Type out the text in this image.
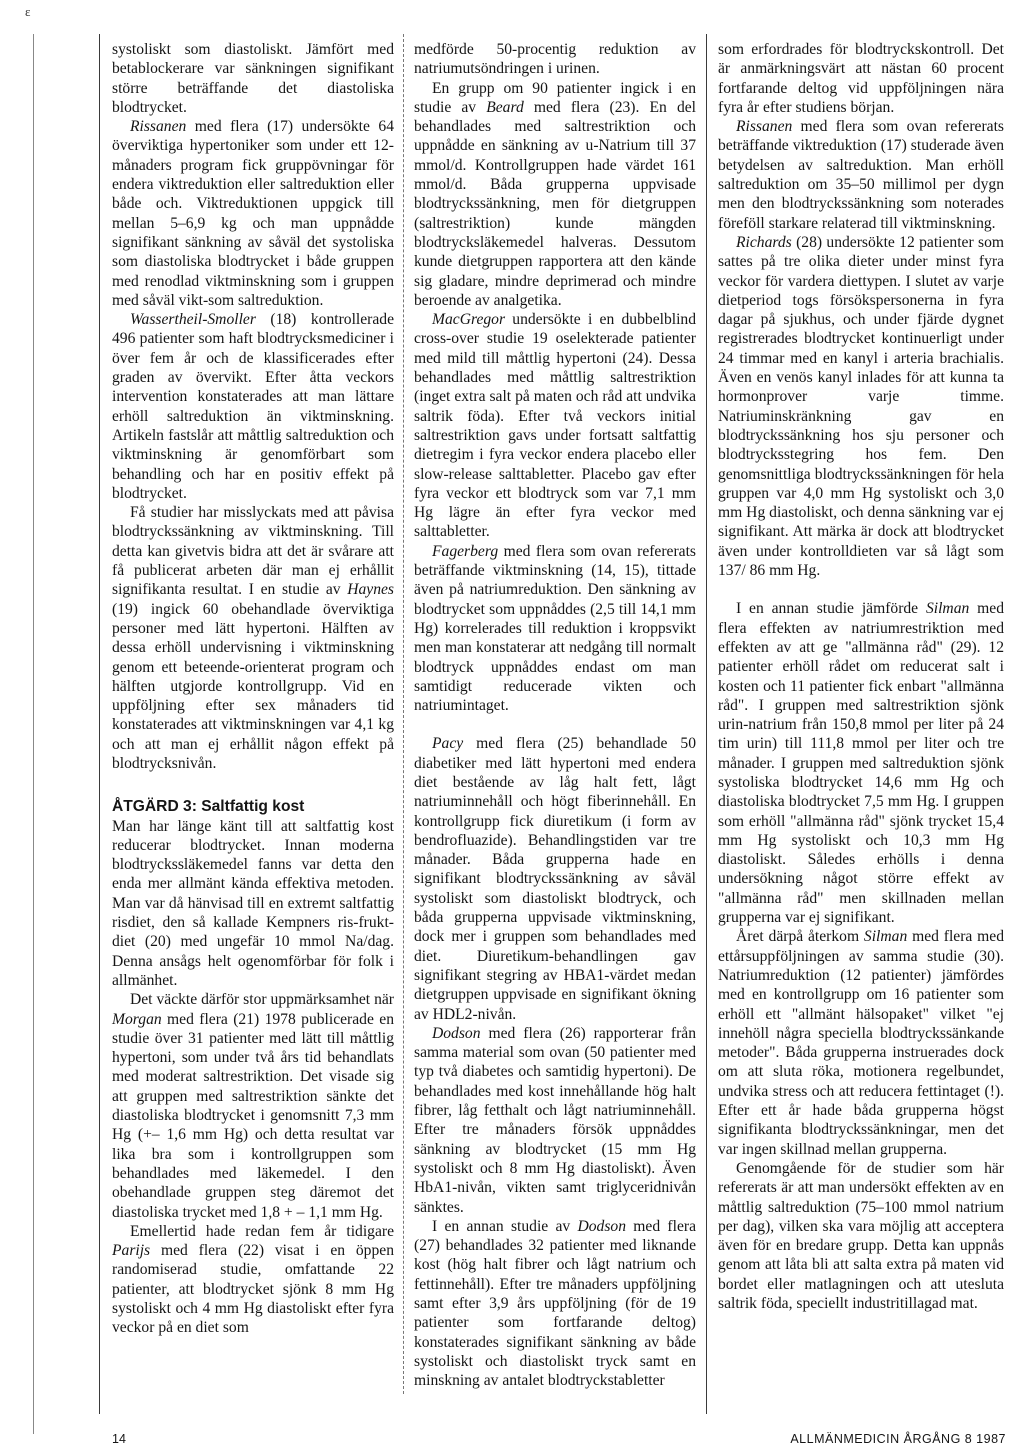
ε

systoliskt som diastoliskt. Jämfört med betablockerare var sänkningen signifikant större beträffande det diastoliska blodtrycket.

Rissanen med flera (17) undersökte 64 överviktiga hypertoniker som under ett 12-månaders program fick gruppövningar för endera viktreduktion eller saltreduktion eller både och. Viktreduktionen uppgick till mellan 5–6,9 kg och man uppnådde signifikant sänkning av såväl det systoliska som diastoliska blodtrycket i både gruppen med renodlad viktminskning som i gruppen med såväl vikt-som saltreduktion.

Wassertheil-Smoller (18) kontrollerade 496 patienter som haft blodtrycksmediciner i över fem år och de klassificerades efter graden av övervikt. Efter åtta veckors intervention konstaterades att man lättare erhöll saltreduktion än viktminskning. Artikeln fastslår att måttlig saltreduktion och viktminskning är genomförbart som behandling och har en positiv effekt på blodtrycket.

Få studier har misslyckats med att påvisa blodtryckssänkning av viktminskning. Till detta kan givetvis bidra att det är svårare att få publicerat arbeten där man ej erhållit signifikanta resultat. I en studie av Haynes (19) ingick 60 obehandlade överviktiga personer med lätt hypertoni. Hälften av dessa erhöll undervisning i viktminskning genom ett beteende-orienterat program och hälften utgjorde kontrollgrupp. Vid en uppföljning efter sex månaders tid konstaterades att viktminskningen var 4,1 kg och att man ej erhållit någon effekt på blodtrycksnivån.

ÅTGÄRD 3: Saltfattig kost

Man har länge känt till att saltfattig kost reducerar blodtrycket. Innan moderna blodtryckssläkemedel fanns var detta den enda mer allmänt kända effektiva metoden. Man var då hänvisad till en extremt saltfattig risdiet, den så kallade Kempners ris-frukt-diet (20) med ungefär 10 mmol Na/dag. Denna ansågs helt ogenomförbar för folk i allmänhet.

Det väckte därför stor uppmärksamhet när Morgan med flera (21) 1978 publicerade en studie över 31 patienter med lätt till måttlig hypertoni, som under två års tid behandlats med moderat saltrestriktion. Det visade sig att gruppen med saltrestriktion sänkte det diastoliska blodtrycket i genomsnitt 7,3 mm Hg (+– 1,6 mm Hg) och detta resultat var lika bra som i kontrollgruppen som behandlades med läkemedel. I den obehandlade gruppen steg däremot det diastoliska trycket med 1,8 + – 1,1 mm Hg.

Emellertid hade redan fem år tidigare Parijs med flera (22) visat i en öppen randomiserad studie, omfattande 22 patienter, att blodtrycket sjönk 8 mm Hg systoliskt och 4 mm Hg diastoliskt efter fyra veckor på en diet som

medförde 50-procentig reduktion av natriumutsöndringen i urinen.

En grupp om 90 patienter ingick i en studie av Beard med flera (23). En del behandlades med saltrestriktion och uppnådde en sänkning av u-Natrium till 37 mmol/d. Kontrollgruppen hade värdet 161 mmol/d. Båda grupperna uppvisade blodtryckssänkning, men för dietgruppen (saltrestriktion) kunde mängden blodtrycksläkemedel halveras. Dessutom kunde dietgruppen rapportera att den kände sig gladare, mindre deprimerad och mindre beroende av analgetika.

MacGregor undersökte i en dubbelblind cross-over studie 19 oselekterade patienter med mild till måttlig hypertoni (24). Dessa behandlades med måttlig saltrestriktion (inget extra salt på maten och råd att undvika saltrik föda). Efter två veckors initial saltrestriktion gavs under fortsatt saltfattig dietregim i fyra veckor endera placebo eller slow-release salttabletter. Placebo gav efter fyra veckor ett blodtryck som var 7,1 mm Hg lägre än efter fyra veckor med salttabletter.

Fagerberg med flera som ovan refererats beträffande viktminskning (14, 15), tittade även på natriumreduktion. Den sänkning av blodtrycket som uppnåddes (2,5 till 14,1 mm Hg) korrelerades till reduktion i kroppsvikt men man konstaterar att nedgång till normalt blodtryck uppnåddes endast om man samtidigt reducerade vikten och natriumintaget.

Pacy med flera (25) behandlade 50 diabetiker med lätt hypertoni med endera diet bestående av låg halt fett, lågt natriuminnehåll och högt fiberinnehåll. En kontrollgrupp fick diuretikum (i form av bendrofluazide). Behandlingstiden var tre månader. Båda grupperna hade en signifikant blodtryckssänkning av såväl systoliskt som diastoliskt blodtryck, och båda grupperna uppvisade viktminskning, dock mer i gruppen som behandlades med diet. Diuretikum-behandlingen gav signifikant stegring av HBA1-värdet medan dietgruppen uppvisade en signifikant ökning av HDL2-nivån.

Dodson med flera (26) rapporterar från samma material som ovan (50 patienter med typ två diabetes och samtidig hypertoni). De behandlades med kost innehållande hög halt fibrer, låg fetthalt och lågt natriuminnehåll. Efter tre månaders försök uppnåddes sänkning av blodtrycket (15 mm Hg systoliskt och 8 mm Hg diastoliskt). Även HbA1-nivån, vikten samt triglyceridnivån sänktes.

I en annan studie av Dodson med flera (27) behandlades 32 patienter med liknande kost (hög halt fibrer och lågt natrium och fettinnehåll). Efter tre månaders uppföljning samt efter 3,9 års uppföljning (för de 19 patienter som fortfarande deltog) konstaterades signifikant sänkning av både systoliskt och diastoliskt tryck samt en minskning av antalet blodtryckstabletter

som erfordrades för blodtryckskontroll. Det är anmärkningsvärt att nästan 60 procent fortfarande deltog vid uppföljningen nära fyra år efter studiens början.

Rissanen med flera som ovan refererats beträffande viktreduktion (17) studerade även betydelsen av saltreduktion. Man erhöll saltreduktion om 35–50 millimol per dygn men den blodtryckssänkning som noterades föreföll starkare relaterad till viktminskning.

Richards (28) undersökte 12 patienter som sattes på tre olika dieter under minst fyra veckor för vardera diettypen. I slutet av varje dietperiod togs försökspersonerna in fyra dagar på sjukhus, och under fjärde dygnet registrerades blodtrycket kontinuerligt under 24 timmar med en kanyl i arteria brachialis. Även en venös kanyl inlades för att kunna ta hormonprover varje timme. Natriuminskränkning gav en blodtryckssänkning hos sju personer och blodtrycksstegring hos fem. Den genomsnittliga blodtryckssänkningen för hela gruppen var 4,0 mm Hg systoliskt och 3,0 mm Hg diastoliskt, och denna sänkning var ej signifikant. Att märka är dock att blodtrycket även under kontrolldieten var så lågt som 137/ 86 mm Hg.

I en annan studie jämförde Silman med flera effekten av natriumrestriktion med effekten av att ge "allmänna råd" (29). 12 patienter erhöll rådet om reducerat salt i kosten och 11 patienter fick enbart "allmänna råd". I gruppen med saltrestriktion sjönk urin-natrium från 150,8 mmol per liter på 24 tim urin) till 111,8 mmol per liter och tre månader. I gruppen med saltreduktion sjönk systoliska blodtrycket 14,6 mm Hg och diastoliska blodtrycket 7,5 mm Hg. I gruppen som erhöll "allmänna råd" sjönk trycket 15,4 mm Hg systoliskt och 10,3 mm Hg diastoliskt. Således erhölls i denna undersökning något större effekt av "allmänna råd" men skillnaden mellan grupperna var ej signifikant.

Året därpå återkom Silman med flera med ettårsuppföljningen av samma studie (30). Natriumreduktion (12 patienter) jämfördes med en kontrollgrupp om 16 patienter som erhöll ett "allmänt hälsopaket" vilket "ej innehöll några speciella blodtryckssänkande metoder". Båda grupperna instruerades dock om att sluta röka, motionera regelbundet, undvika stress och att reducera fettintaget (!). Efter ett år hade båda grupperna högst signifikanta blodtryckssänkningar, men det var ingen skillnad mellan grupperna.

Genomgående för de studier som här refererats är att man undersökt effekten av en måttlig saltreduktion (75–100 mmol natrium per dag), vilken ska vara möjlig att acceptera även för en bredare grupp. Detta kan uppnås genom att låta bli att salta extra på maten vid bordet eller matlagningen och att utesluta saltrik föda, speciellt industritillagad mat.

14	ALLMÄNMEDICIN ÅRGÅNG 8 1987
